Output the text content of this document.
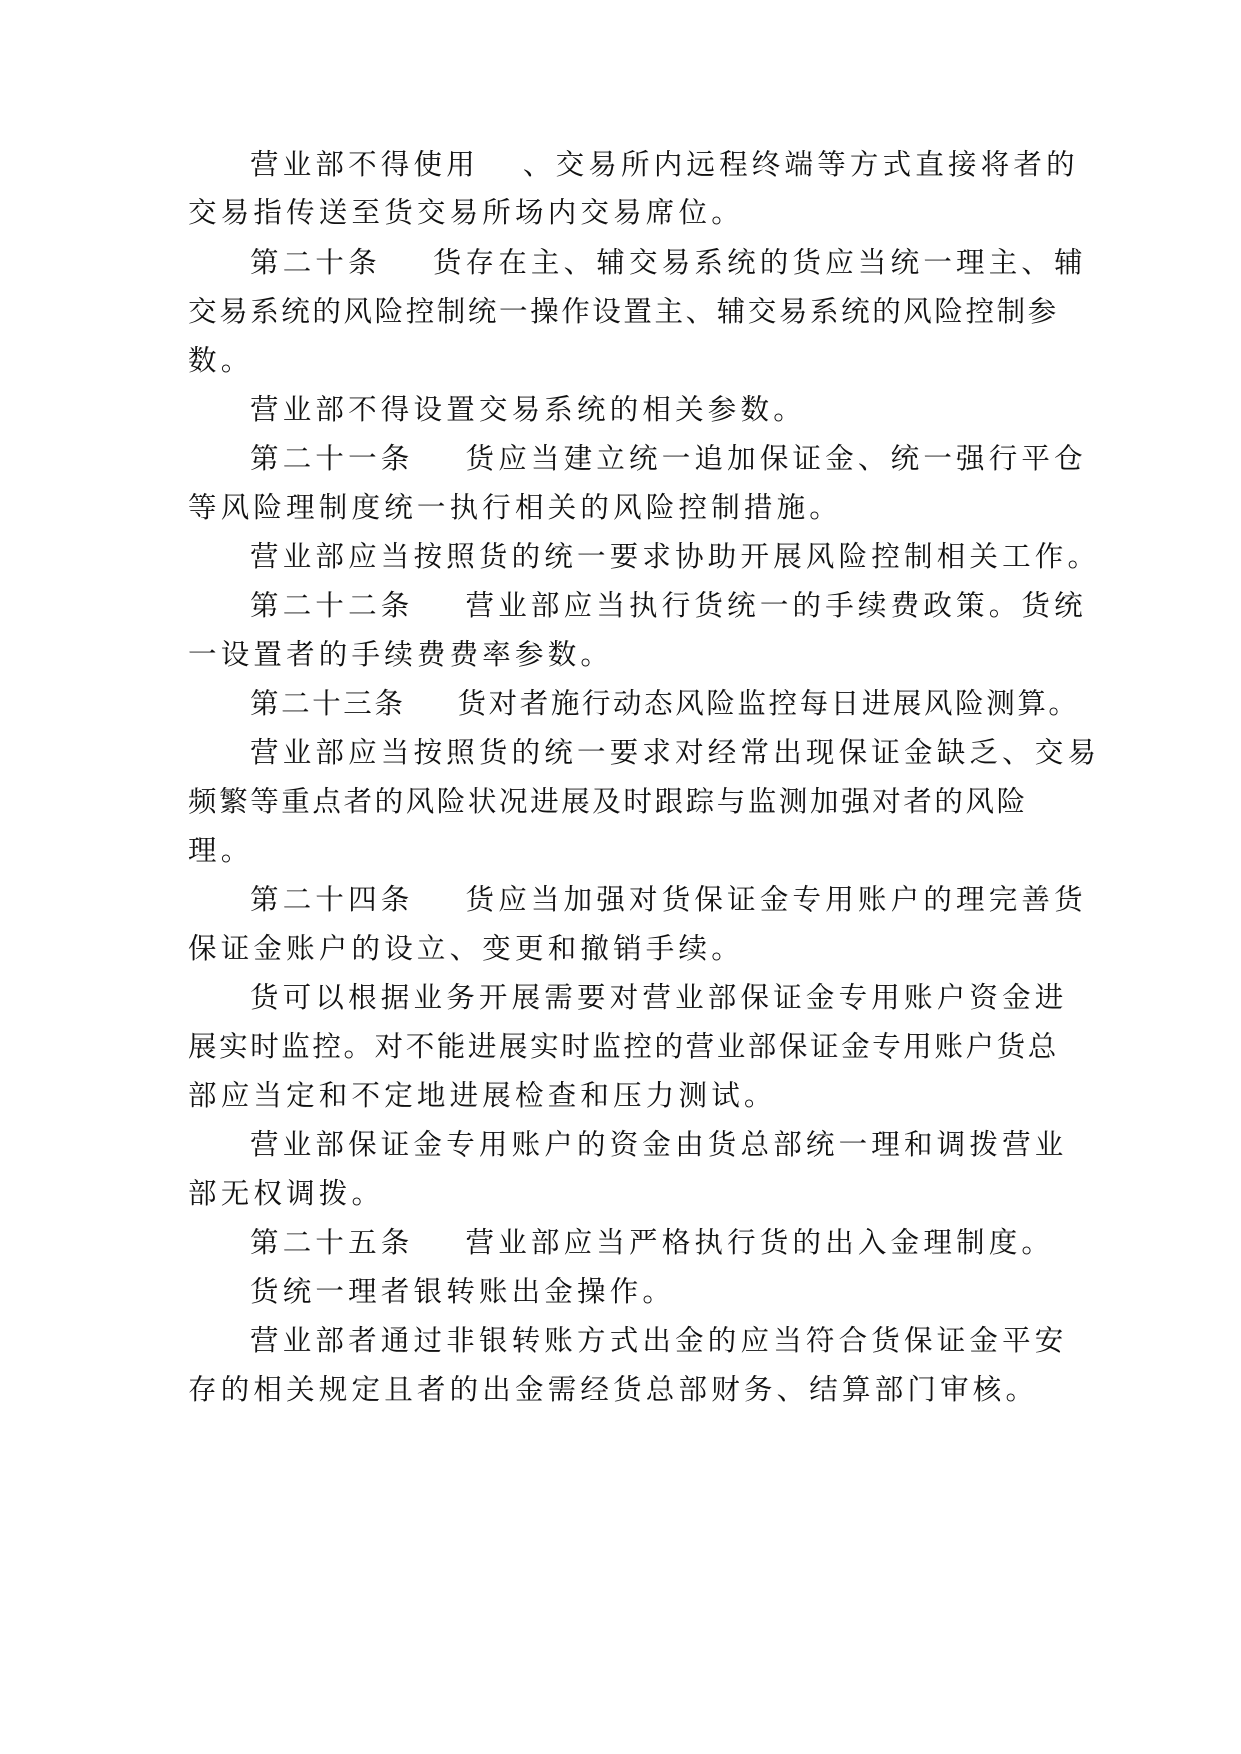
营业部不得使用 、交易所内远程终端等方式直接将者的
交易指传送至货交易所场内交易席位。
第二十条 货存在主、辅交易系统的货应当统一理主、辅
交易系统的风险控制统一操作设置主、辅交易系统的风险控制参
数。
营业部不得设置交易系统的相关参数。
第二十一条 货应当建立统一追加保证金、统一强行平仓
等风险理制度统一执行相关的风险控制措施。
营业部应当按照货的统一要求协助开展风险控制相关工作。
第二十二条 营业部应当执行货统一的手续费政策。货统
一设置者的手续费费率参数。
第二十三条 货对者施行动态风险监控每日进展风险测算。
营业部应当按照货的统一要求对经常出现保证金缺乏、交易
频繁等重点者的风险状况进展及时跟踪与监测加强对者的风险
理。
第二十四条 货应当加强对货保证金专用账户的理完善货
保证金账户的设立、变更和撤销手续。
货可以根据业务开展需要对营业部保证金专用账户资金进
展实时监控。对不能进展实时监控的营业部保证金专用账户货总
部应当定和不定地进展检查和压力测试。
营业部保证金专用账户的资金由货总部统一理和调拨营业
部无权调拨。
第二十五条 营业部应当严格执行货的出入金理制度。
货统一理者银转账出金操作。
营业部者通过非银转账方式出金的应当符合货保证金平安
存的相关规定且者的出金需经货总部财务、结算部门审核。
